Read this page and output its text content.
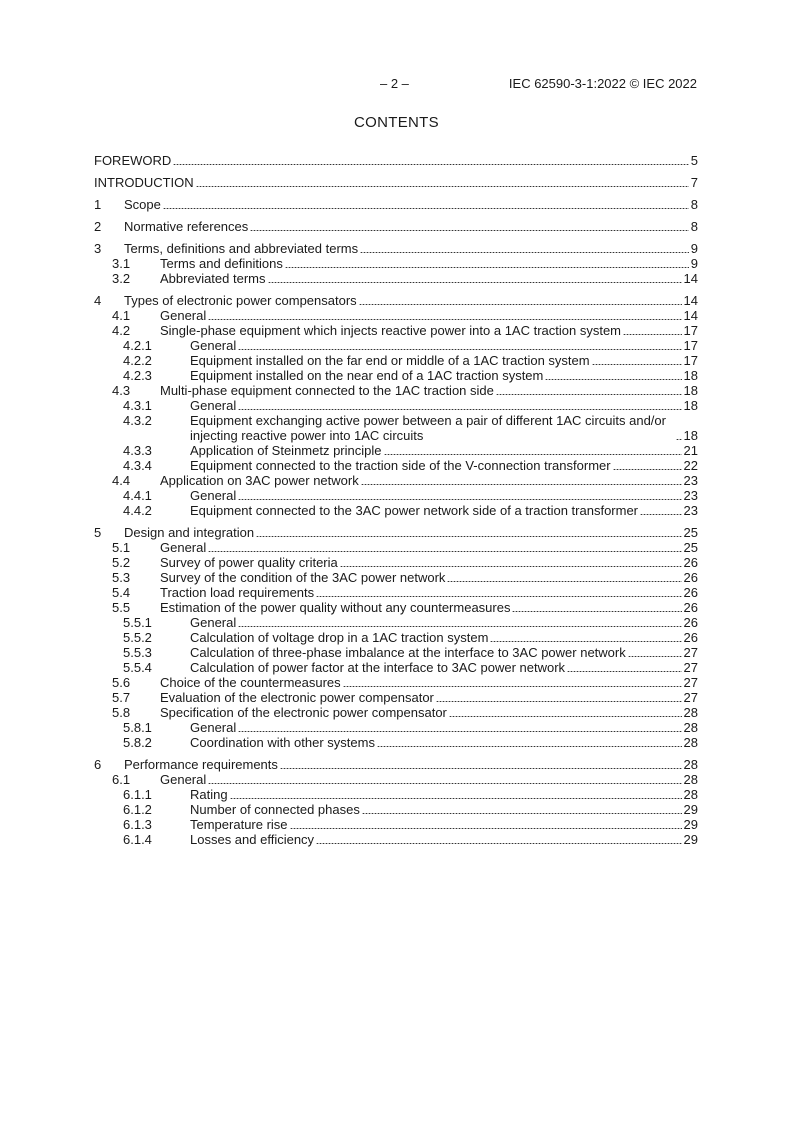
– 2 –	IEC 62590-3-1:2022 © IEC 2022
CONTENTS
FOREWORD	5
INTRODUCTION	7
1 Scope	8
2 Normative references	8
3 Terms, definitions and abbreviated terms	9
3.1 Terms and definitions	9
3.2 Abbreviated terms	14
4 Types of electronic power compensators	14
4.1 General	14
4.2 Single-phase equipment which injects reactive power into a 1AC traction system	17
4.2.1	General	17
4.2.2	Equipment installed on the far end or middle of a 1AC traction system	17
4.2.3	Equipment installed on the near end of a 1AC traction system	18
4.3 Multi-phase equipment connected to the 1AC traction side	18
4.3.1	General	18
4.3.2	Equipment exchanging active power between a pair of different 1AC circuits and/or injecting reactive power into 1AC circuits	18
4.3.3	Application of Steinmetz principle	21
4.3.4	Equipment connected to the traction side of the V-connection transformer	22
4.4 Application on 3AC power network	23
4.4.1	General	23
4.4.2	Equipment connected to the 3AC power network side of a traction transformer	23
5 Design and integration	25
5.1 General	25
5.2 Survey of power quality criteria	26
5.3 Survey of the condition of the 3AC power network	26
5.4 Traction load requirements	26
5.5 Estimation of the power quality without any countermeasures	26
5.5.1	General	26
5.5.2	Calculation of voltage drop in a 1AC traction system	26
5.5.3	Calculation of three-phase imbalance at the interface to 3AC power network	27
5.5.4	Calculation of power factor at the interface to 3AC power network	27
5.6 Choice of the countermeasures	27
5.7 Evaluation of the electronic power compensator	27
5.8 Specification of the electronic power compensator	28
5.8.1	General	28
5.8.2	Coordination with other systems	28
6 Performance requirements	28
6.1 General	28
6.1.1	Rating	28
6.1.2	Number of connected phases	29
6.1.3	Temperature rise	29
6.1.4	Losses and efficiency	29
